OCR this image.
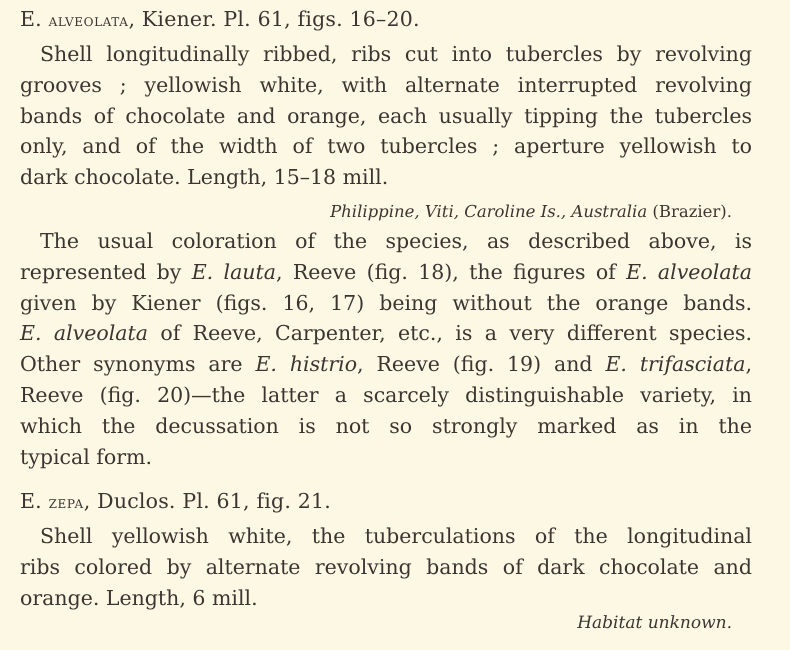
E. alveolata, Kiener. Pl. 61, figs. 16–20.
Shell longitudinally ribbed, ribs cut into tubercles by revolving
grooves ; yellowish white, with alternate interrupted revolving
bands of chocolate and orange, each usually tipping the tubercles
only, and of the width of two tubercles ; aperture yellowish to
dark chocolate. Length, 15–18 mill.
Philippine, Viti, Caroline Is., Australia (Brazier).
The usual coloration of the species, as described above, is
represented by E. lauta, Reeve (fig. 18), the figures of E. alveolata
given by Kiener (figs. 16, 17) being without the orange bands.
E. alveolata of Reeve, Carpenter, etc., is a very different species.
Other synonyms are E. histrio, Reeve (fig. 19) and E. trifasciata,
Reeve (fig. 20)—the latter a scarcely distinguishable variety, in
which the decussation is not so strongly marked as in the
typical form.
E. zepa, Duclos. Pl. 61, fig. 21.
Shell yellowish white, the tuberculations of the longitudinal
ribs colored by alternate revolving bands of dark chocolate and
orange. Length, 6 mill.
Habitat unknown.
